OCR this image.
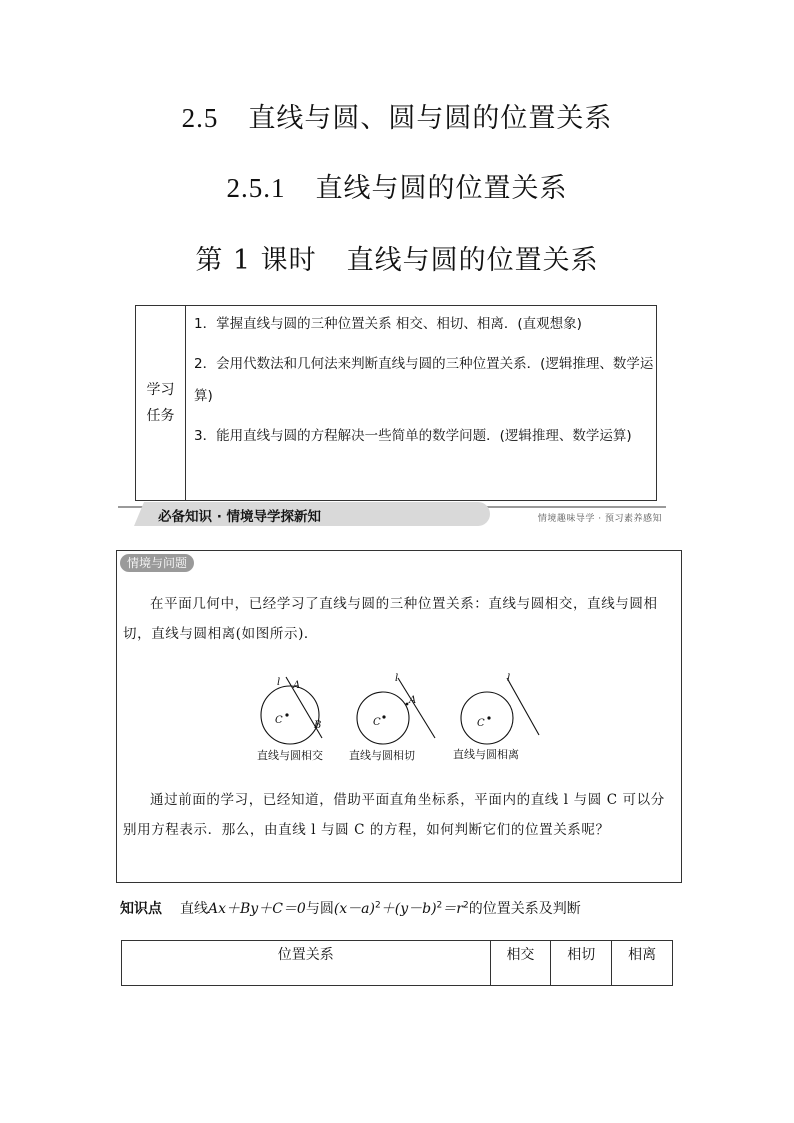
2.5 直线与圆、圆与圆的位置关系
2.5.1 直线与圆的位置关系
第 1 课时 直线与圆的位置关系
学习任务

1．掌握直线与圆的三种位置关系 相交、相切、相离．(直观想象)

2．会用代数法和几何法来判断直线与圆的三种位置关系．(逻辑推理、数学运算)

3．能用直线与圆的方程解决一些简单的数学问题．(逻辑推理、数学运算)

必备知识 · 情境导学探新知	情境趣味导学 · 预习素养感知
情境与问题
在平面几何中，已经学习了直线与圆的三种位置关系：直线与圆相交，直线与圆相切，直线与圆相离(如图所示)．
l A
C	B
直线与圆相交
l
A
C
直线与圆相切
l
C
直线与圆相离
通过前面的学习，已经知道，借助平面直角坐标系，平面内的直线 l 与圆 C 可以分别用方程表示．那么，由直线 l 与圆 C 的方程，如何判断它们的位置关系呢？
知识点 直线Ax＋By＋C＝0与圆$(x-a)^2+(y-b)^2=r^2$的位置关系及判断
位置关系	相交	相切	相离
